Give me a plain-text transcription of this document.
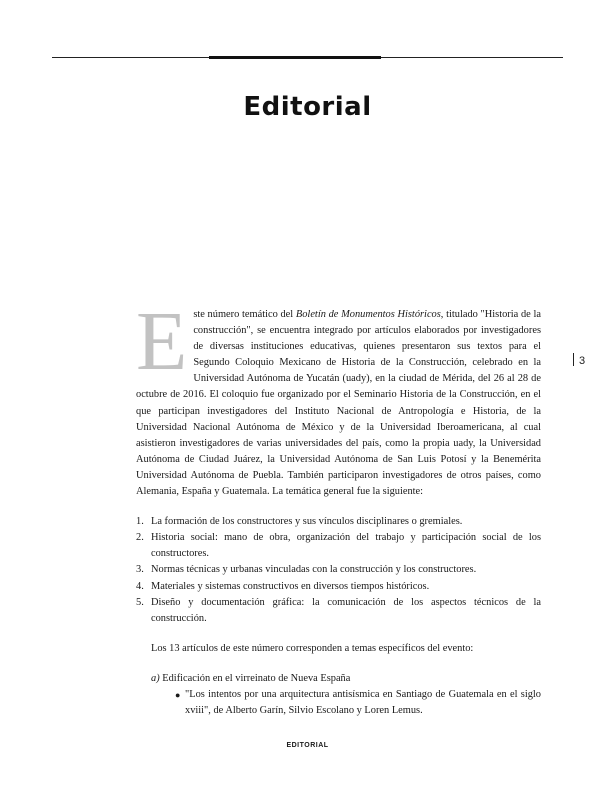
Editorial

Este número temático del Boletín de Monumentos Históricos, titulado "Historia de la construcción", se encuentra integrado por artículos elaborados por investigadores de diversas instituciones educativas, quienes presentaron sus textos para el Segundo Coloquio Mexicano de Historia de la Construcción, celebrado en la Universidad Autónoma de Yucatán (uady), en la ciudad de Mérida, del 26 al 28 de octubre de 2016. El coloquio fue organizado por el Seminario Historia de la Construcción, en el que participan investigadores del Instituto Nacional de Antropología e Historia, de la Universidad Nacional Autónoma de México y de la Universidad Iberoamericana, al cual asistieron investigadores de varias universidades del país, como la propia uady, la Universidad Autónoma de Ciudad Juárez, la Universidad Autónoma de San Luis Potosí y la Benemérita Universidad Autónoma de Puebla. También participaron investigadores de otros países, como Alemania, España y Guatemala. La temática general fue la siguiente:

1. La formación de los constructores y sus vínculos disciplinares o gremiales.
2. Historia social: mano de obra, organización del trabajo y participación social de los constructores.
3. Normas técnicas y urbanas vinculadas con la construcción y los constructores.
4. Materiales y sistemas constructivos en diversos tiempos históricos.
5. Diseño y documentación gráfica: la comunicación de los aspectos técnicos de la construcción.

Los 13 artículos de este número corresponden a temas específicos del evento:

a) Edificación en el virreinato de Nueva España
● "Los intentos por una arquitectura antisísmica en Santiago de Guatemala en el siglo xviii", de Alberto Garín, Silvio Escolano y Loren Lemus.
3
EDITORIAL
